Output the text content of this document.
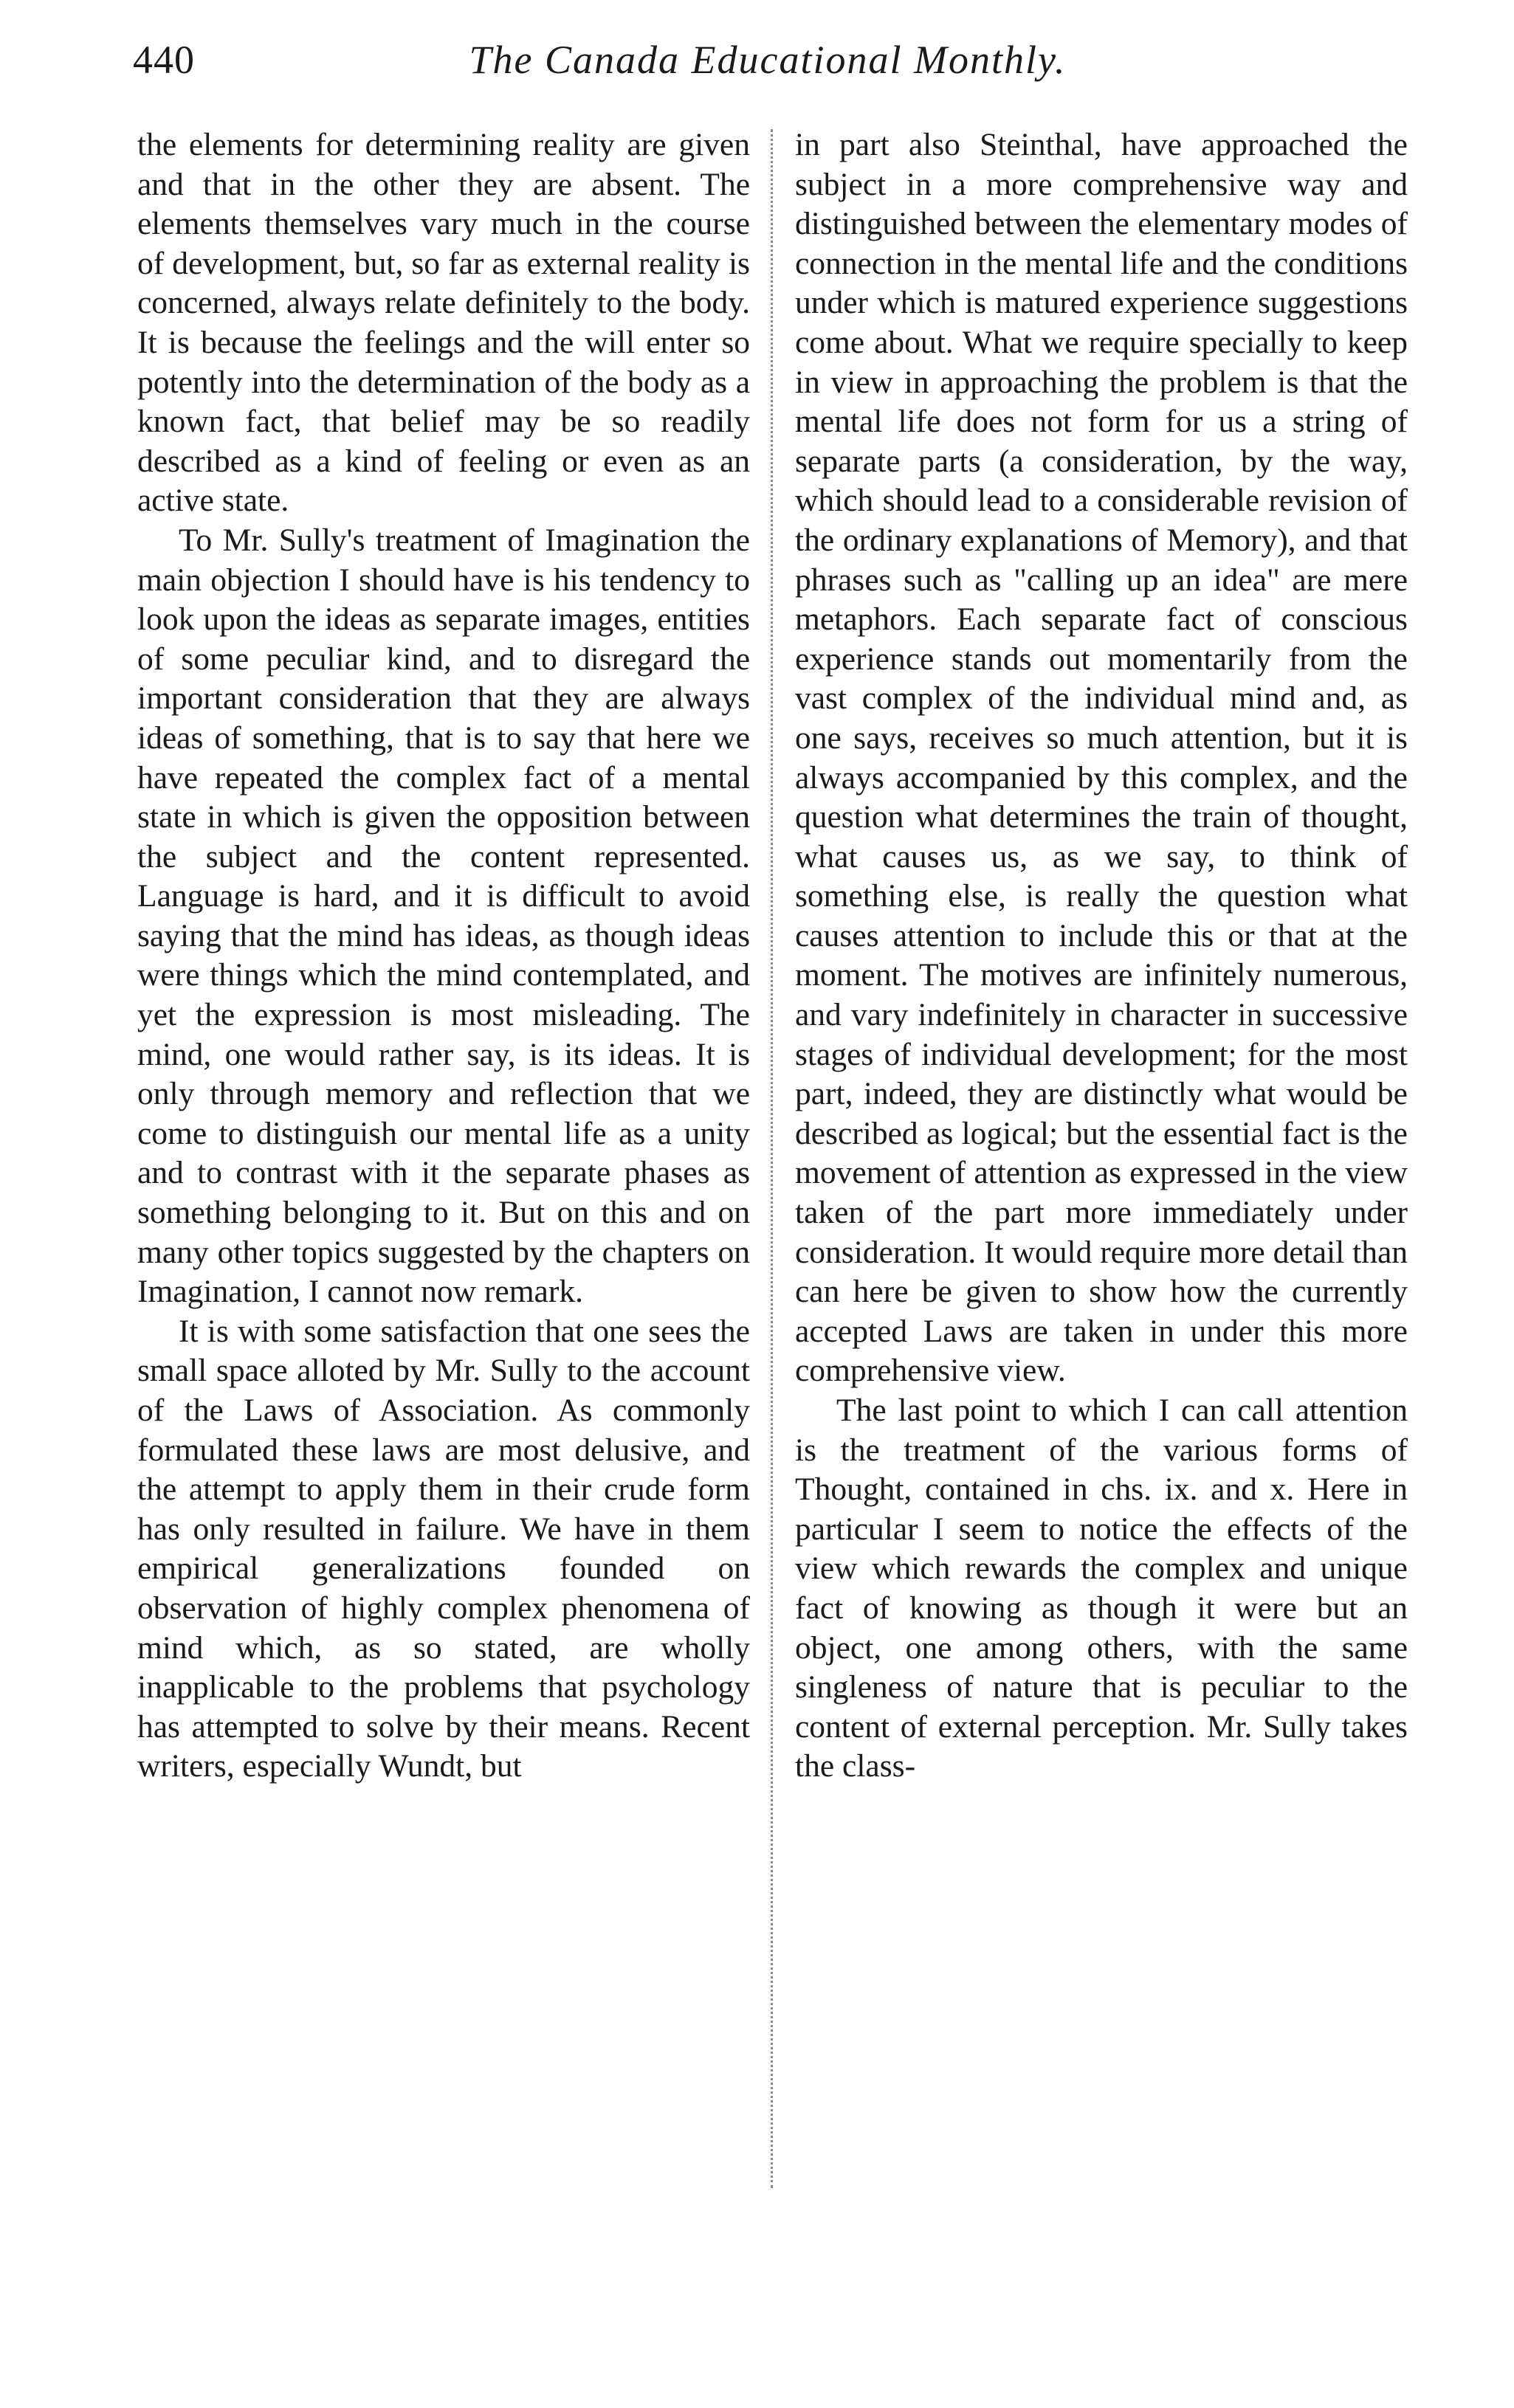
440	The Canada Educational Monthly.

the elements for determining reality are given and that in the other they are absent. The elements themselves vary much in the course of development, but, so far as external reality is concerned, always relate definitely to the body. It is because the feelings and the will enter so potently into the determination of the body as a known fact, that belief may be so readily described as a kind of feeling or even as an active state.

To Mr. Sully's treatment of Imagination the main objection I should have is his tendency to look upon the ideas as separate images, entities of some peculiar kind, and to disregard the important consideration that they are always ideas of something, that is to say that here we have repeated the complex fact of a mental state in which is given the opposition between the subject and the content represented. Language is hard, and it is difficult to avoid saying that the mind has ideas, as though ideas were things which the mind contemplated, and yet the expression is most misleading. The mind, one would rather say, is its ideas. It is only through memory and reflection that we come to distinguish our mental life as a unity and to contrast with it the separate phases as something belonging to it. But on this and on many other topics suggested by the chapters on Imagination, I cannot now remark.

It is with some satisfaction that one sees the small space alloted by Mr. Sully to the account of the Laws of Association. As commonly formulated these laws are most delusive, and the attempt to apply them in their crude form has only resulted in failure. We have in them empirical generalizations founded on observation of highly complex phenomena of mind which, as so stated, are wholly inapplicable to the problems that psychology has attempted to solve by their means. Recent writers, especially Wundt, but

in part also Steinthal, have approached the subject in a more comprehensive way and distinguished between the elementary modes of connection in the mental life and the conditions under which is matured experience suggestions come about. What we require specially to keep in view in approaching the problem is that the mental life does not form for us a string of separate parts (a consideration, by the way, which should lead to a considerable revision of the ordinary explanations of Memory), and that phrases such as "calling up an idea" are mere metaphors. Each separate fact of conscious experience stands out momentarily from the vast complex of the individual mind and, as one says, receives so much attention, but it is always accompanied by this complex, and the question what determines the train of thought, what causes us, as we say, to think of something else, is really the question what causes attention to include this or that at the moment. The motives are infinitely numerous, and vary indefinitely in character in successive stages of individual development; for the most part, indeed, they are distinctly what would be described as logical; but the essential fact is the movement of attention as expressed in the view taken of the part more immediately under consideration. It would require more detail than can here be given to show how the currently accepted Laws are taken in under this more comprehensive view.

The last point to which I can call attention is the treatment of the various forms of Thought, contained in chs. ix. and x. Here in particular I seem to notice the effects of the view which rewards the complex and unique fact of knowing as though it were but an object, one among others, with the same singleness of nature that is peculiar to the content of external perception. Mr. Sully takes the class-
